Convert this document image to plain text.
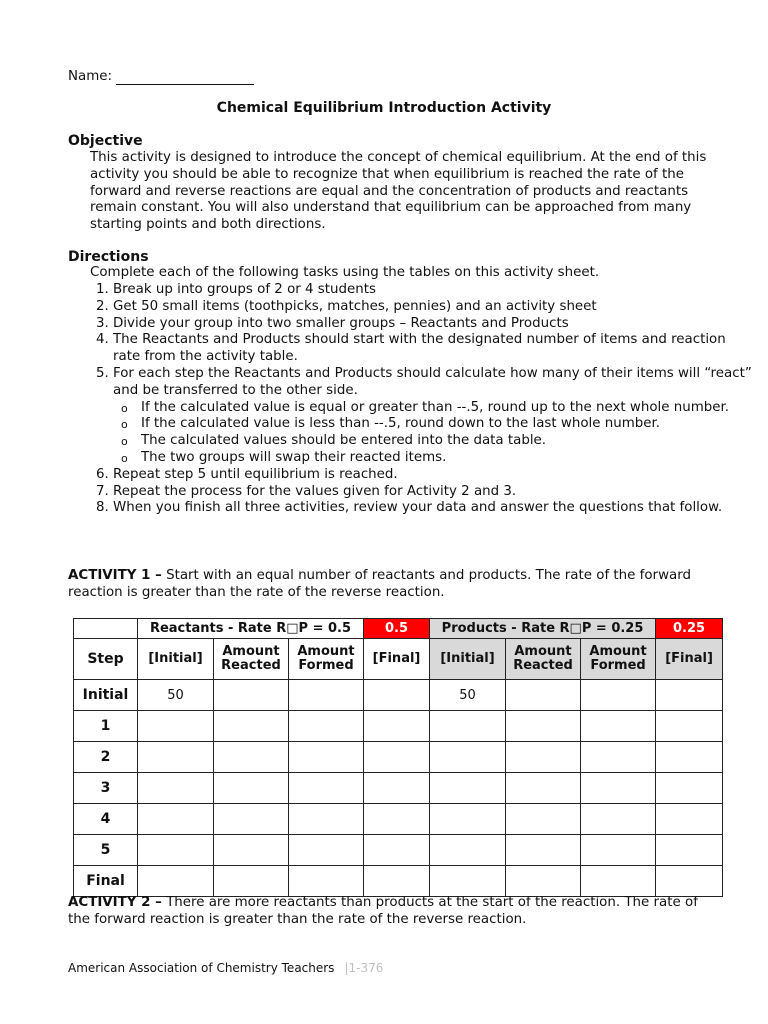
Name:
Chemical Equilibrium Introduction Activity
Objective

This activity is designed to introduce the concept of chemical equilibrium. At the end of this activity you should be able to recognize that when equilibrium is reached the rate of the forward and reverse reactions are equal and the concentration of products and reactants remain constant. You will also understand that equilibrium can be approached from many starting points and both directions.

Directions

Complete each of the following tasks using the tables on this activity sheet.

1. Break up into groups of 2 or 4 students
2. Get 50 small items (toothpicks, matches, pennies) and an activity sheet
3. Divide your group into two smaller groups – Reactants and Products
4. The Reactants and Products should start with the designated number of items and reaction rate from the activity table.
5. For each step the Reactants and Products should calculate how many of their items will “react” and be transferred to the other side.
o If the calculated value is equal or greater than --.5, round up to the next whole number.
o If the calculated value is less than --.5, round down to the last whole number.
o The calculated values should be entered into the data table.
o The two groups will swap their reacted items.
6. Repeat step 5 until equilibrium is reached.
7. Repeat the process for the values given for Activity 2 and 3.
8. When you finish all three activities, review your data and answer the questions that follow.

ACTIVITY 1 – Start with an equal number of reactants and products. The rate of the forward reaction is greater than the rate of the reverse reaction.

	Reactants - Rate R□P = 0.5			0.5	Products - Rate R□P = 0.25			0.25
Step	[Initial]	Amount Reacted	Amount Formed	[Final]	[Initial]	Amount Reacted	Amount Formed	[Final]
Initial	50				50			
1								
2								
3								
4								
5								
Final								

ACTIVITY 2 – There are more reactants than products at the start of the reaction. The rate of the forward reaction is greater than the rate of the reverse reaction.

American Association of Chemistry Teachers |1-376
